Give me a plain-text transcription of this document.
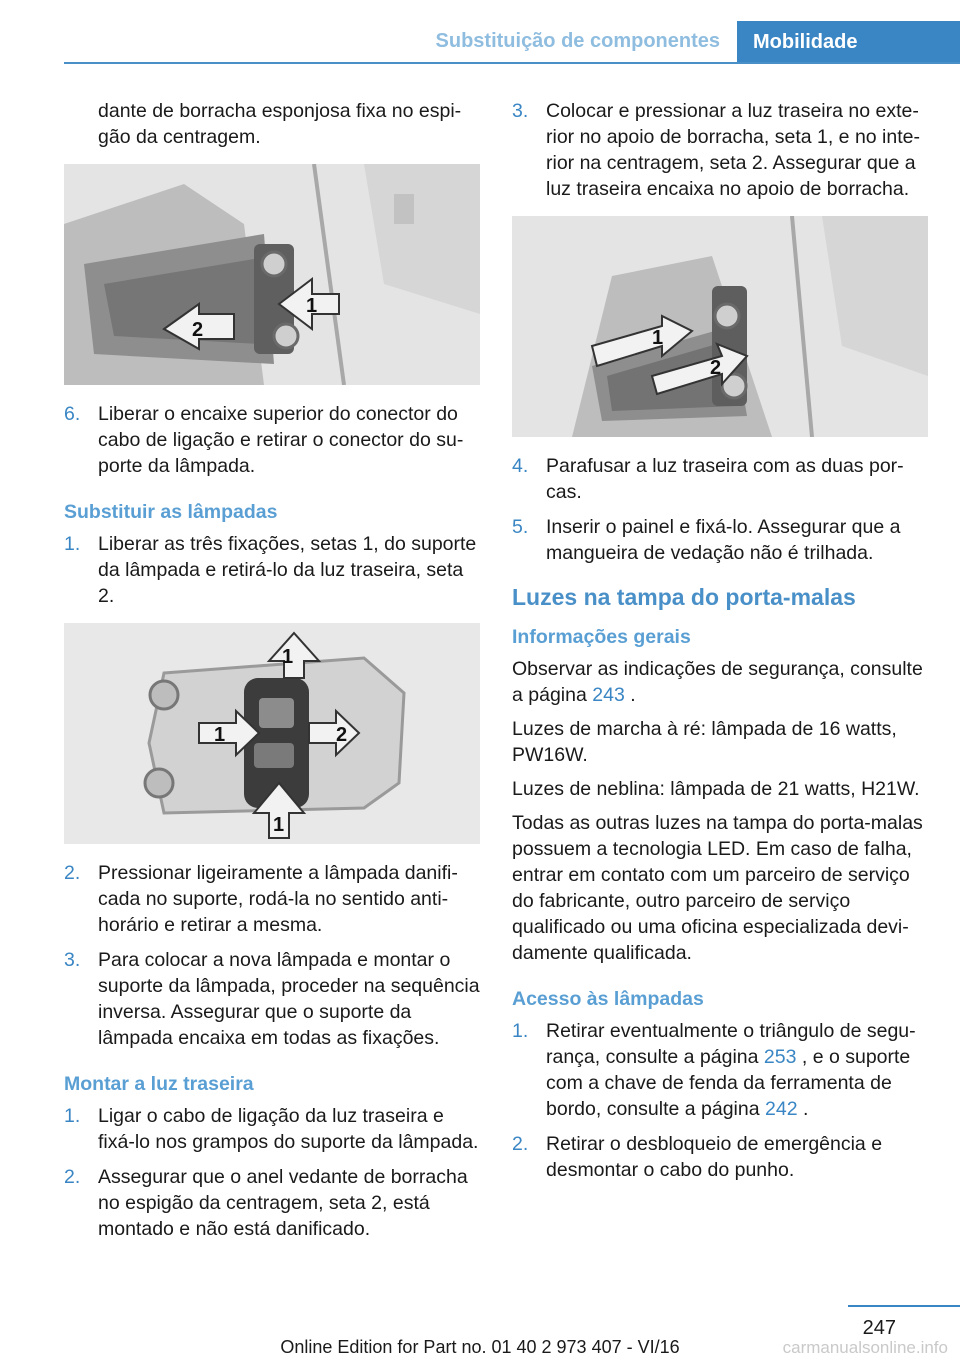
Substituição de componentes	Mobilidade

dante de borracha esponjosa fixa no espigão da centragem.

1
2
6. Liberar o encaixe superior do conector do cabo de ligação e retirar o conector do suporte da lâmpada.
Substituir as lâmpadas
1. Liberar as três fixações, setas 1, do suporte da lâmpada e retirá-lo da luz traseira, seta 2.
1
1
1
2
2. Pressionar ligeiramente a lâmpada danificada no suporte, rodá-la no sentido anti-horário e retirar a mesma.
3. Para colocar a nova lâmpada e montar o suporte da lâmpada, proceder na sequência inversa. Assegurar que o suporte da lâmpada encaixa em todas as fixações.
Montar a luz traseira
1. Ligar o cabo de ligação da luz traseira e fixá-lo nos grampos do suporte da lâmpada.
2. Assegurar que o anel vedante de borracha no espigão da centragem, seta 2, está montado e não está danificado.
3. Colocar e pressionar a luz traseira no exterior no apoio de borracha, seta 1, e no interior na centragem, seta 2. Assegurar que a luz traseira encaixa no apoio de borracha.
1
2
4. Parafusar a luz traseira com as duas porcas.
5. Inserir o painel e fixá-lo. Assegurar que a mangueira de vedação não é trilhada.
Luzes na tampa do porta-malas
Informações gerais

Observar as indicações de segurança, consulte a página 243 .

Luzes de marcha à ré: lâmpada de 16 watts, PW16W.

Luzes de neblina: lâmpada de 21 watts, H21W.

Todas as outras luzes na tampa do porta-malas possuem a tecnologia LED. Em caso de falha, entrar em contato com um parceiro de serviço do fabricante, outro parceiro de serviço qualificado ou uma oficina especializada devidamente qualificada.

Acesso às lâmpadas
1. Retirar eventualmente o triângulo de segurança, consulte a página 253 , e o suporte com a chave de fenda da ferramenta de bordo, consulte a página 242 .
2. Retirar o desbloqueio de emergência e desmontar o cabo do punho.
247
Online Edition for Part no. 01 40 2 973 407 - VI/16	carmanualsonline.info
